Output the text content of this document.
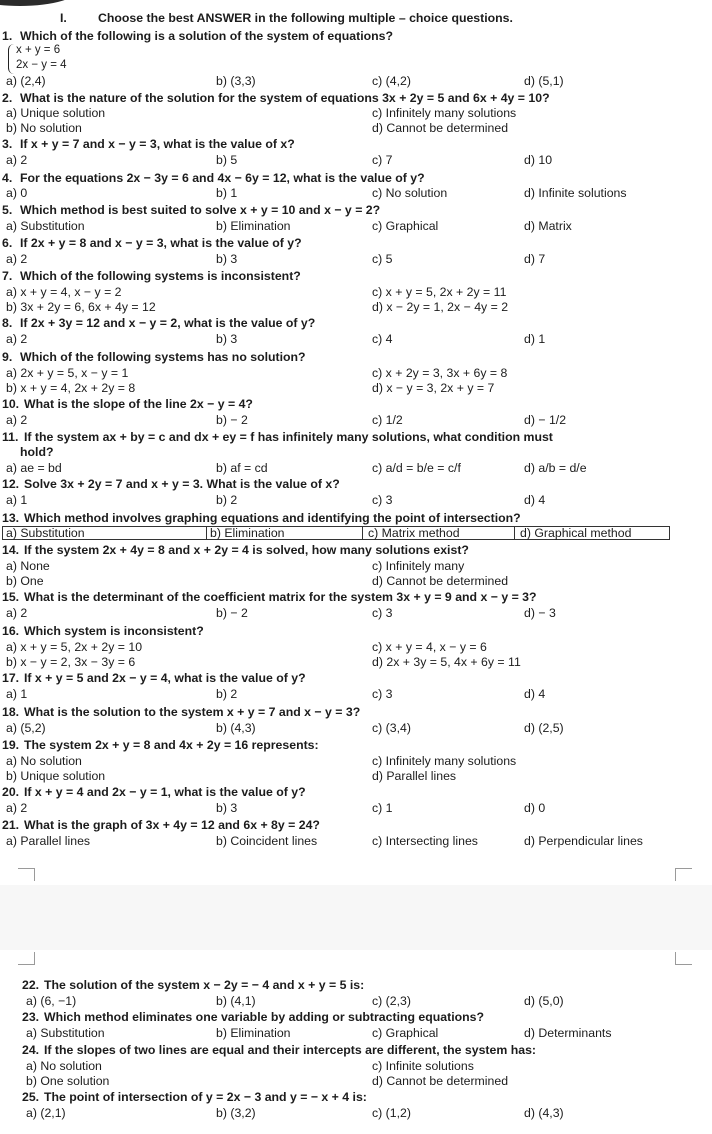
I.	Choose the best ANSWER in the following multiple – choice questions.
1. Which of the following is a solution of the system of equations?
x + y = 6
2x − y = 4
a) (2,4)	b) (3,3)	c) (4,2)	d) (5,1)
2. What is the nature of the solution for the system of equations 3x + 2y = 5 and 6x + 4y = 10?
a) Unique solution	c) Infinitely many solutions
b) No solution	d) Cannot be determined
3. If x + y = 7 and x − y = 3, what is the value of x?
a) 2	b) 5	c) 7	d) 10
4. For the equations 2x − 3y = 6 and 4x − 6y = 12, what is the value of y?
a) 0	b) 1	c) No solution	d) Infinite solutions
5. Which method is best suited to solve x + y = 10 and x − y = 2?
a) Substitution	b) Elimination	c) Graphical	d) Matrix
6. If 2x + y = 8 and x − y = 3, what is the value of y?
a) 2	b) 3	c) 5	d) 7
7. Which of the following systems is inconsistent?
a) x + y = 4, x − y = 2	c) x + y = 5, 2x + 2y = 11
b) 3x + 2y = 6, 6x + 4y = 12	d) x − 2y = 1, 2x − 4y = 2
8. If 2x + 3y = 12 and x − y = 2, what is the value of y?
a) 2	b) 3	c) 4	d) 1
9. Which of the following systems has no solution?
a) 2x + y = 5, x − y = 1	c) x + 2y = 3, 3x + 6y = 8
b) x + y = 4, 2x + 2y = 8	d) x − y = 3, 2x + y = 7
10. What is the slope of the line 2x − y = 4?
a) 2	b) − 2	c) 1/2	d) − 1/2
11. If the system ax + by = c and dx + ey = f has infinitely many solutions, what condition must
hold?
a) ae = bd	b) af = cd	c) a/d = b/e = c/f	d) a/b = d/e
12. Solve 3x + 2y = 7 and x + y = 3. What is the value of x?
a) 1	b) 2	c) 3	d) 4
13. Which method involves graphing equations and identifying the point of intersection?
a) Substitution	b) Elimination	c) Matrix method	d) Graphical method
14. If the system 2x + 4y = 8 and x + 2y = 4 is solved, how many solutions exist?
a) None	c) Infinitely many
b) One	d) Cannot be determined
15. What is the determinant of the coefficient matrix for the system 3x + y = 9 and x − y = 3?
a) 2	b) − 2	c) 3	d) − 3
16. Which system is inconsistent?
a) x + y = 5, 2x + 2y = 10	c) x + y = 4, x − y = 6
b) x − y = 2, 3x − 3y = 6	d) 2x + 3y = 5, 4x + 6y = 11
17. If x + y = 5 and 2x − y = 4, what is the value of y?
a) 1	b) 2	c) 3	d) 4
18. What is the solution to the system x + y = 7 and x − y = 3?
a) (5,2)	b) (4,3)	c) (3,4)	d) (2,5)
19. The system 2x + y = 8 and 4x + 2y = 16 represents:
a) No solution	c) Infinitely many solutions
b) Unique solution	d) Parallel lines
20. If x + y = 4 and 2x − y = 1, what is the value of y?
a) 2	b) 3	c) 1	d) 0
21. What is the graph of 3x + 4y = 12 and 6x + 8y = 24?
a) Parallel lines	b) Coincident lines	c) Intersecting lines	d) Perpendicular lines
22. The solution of the system x − 2y = − 4 and x + y = 5 is:
a) (6, −1)	b) (4,1)	c) (2,3)	d) (5,0)
23. Which method eliminates one variable by adding or subtracting equations?
a) Substitution	b) Elimination	c) Graphical	d) Determinants
24. If the slopes of two lines are equal and their intercepts are different, the system has:
a) No solution	c) Infinite solutions
b) One solution	d) Cannot be determined
25. The point of intersection of y = 2x − 3 and y = − x + 4 is:
a) (2,1)	b) (3,2)	c) (1,2)	d) (4,3)
